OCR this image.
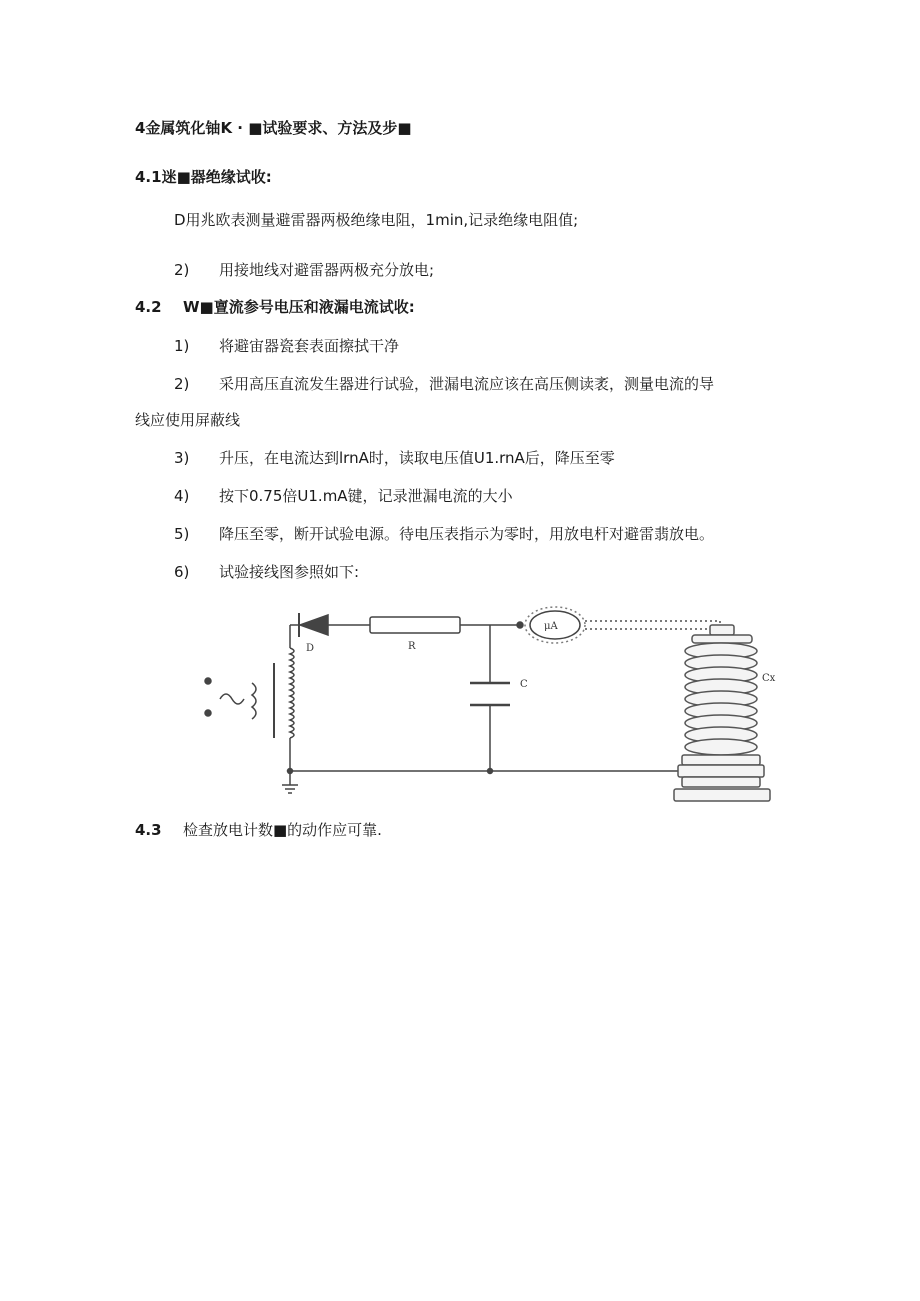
4金属筑化铀K · ■试验要求、方法及步■
4.1迷■器绝缘试收:
D用兆欧表测量避雷器两极绝缘电阻，1min,记录绝缘电阻值;
2) 用接地线对避雷器两极充分放电;
4.2 W■亶流参号电压和液漏电流试收:
1) 将避宙器瓷套表面擦拭干净
2) 采用高压直流发生器进行试验，泄漏电流应该在高压侧读袤，测量电流的导
线应使用屏蔽线
3) 升压，在电流达到lrnA时，读取电压值U1.rnA后，降压至零
4) 按下0.75倍U1.mA键，记录泄漏电流的大小
5) 降压至零，断开试验电源。待电压表指示为零时，用放电杆对避雷翡放电。
6) 试验接线图参照如下:
D	R
C
μA
Cx
4.3 检查放电计数■的动作应可靠.
